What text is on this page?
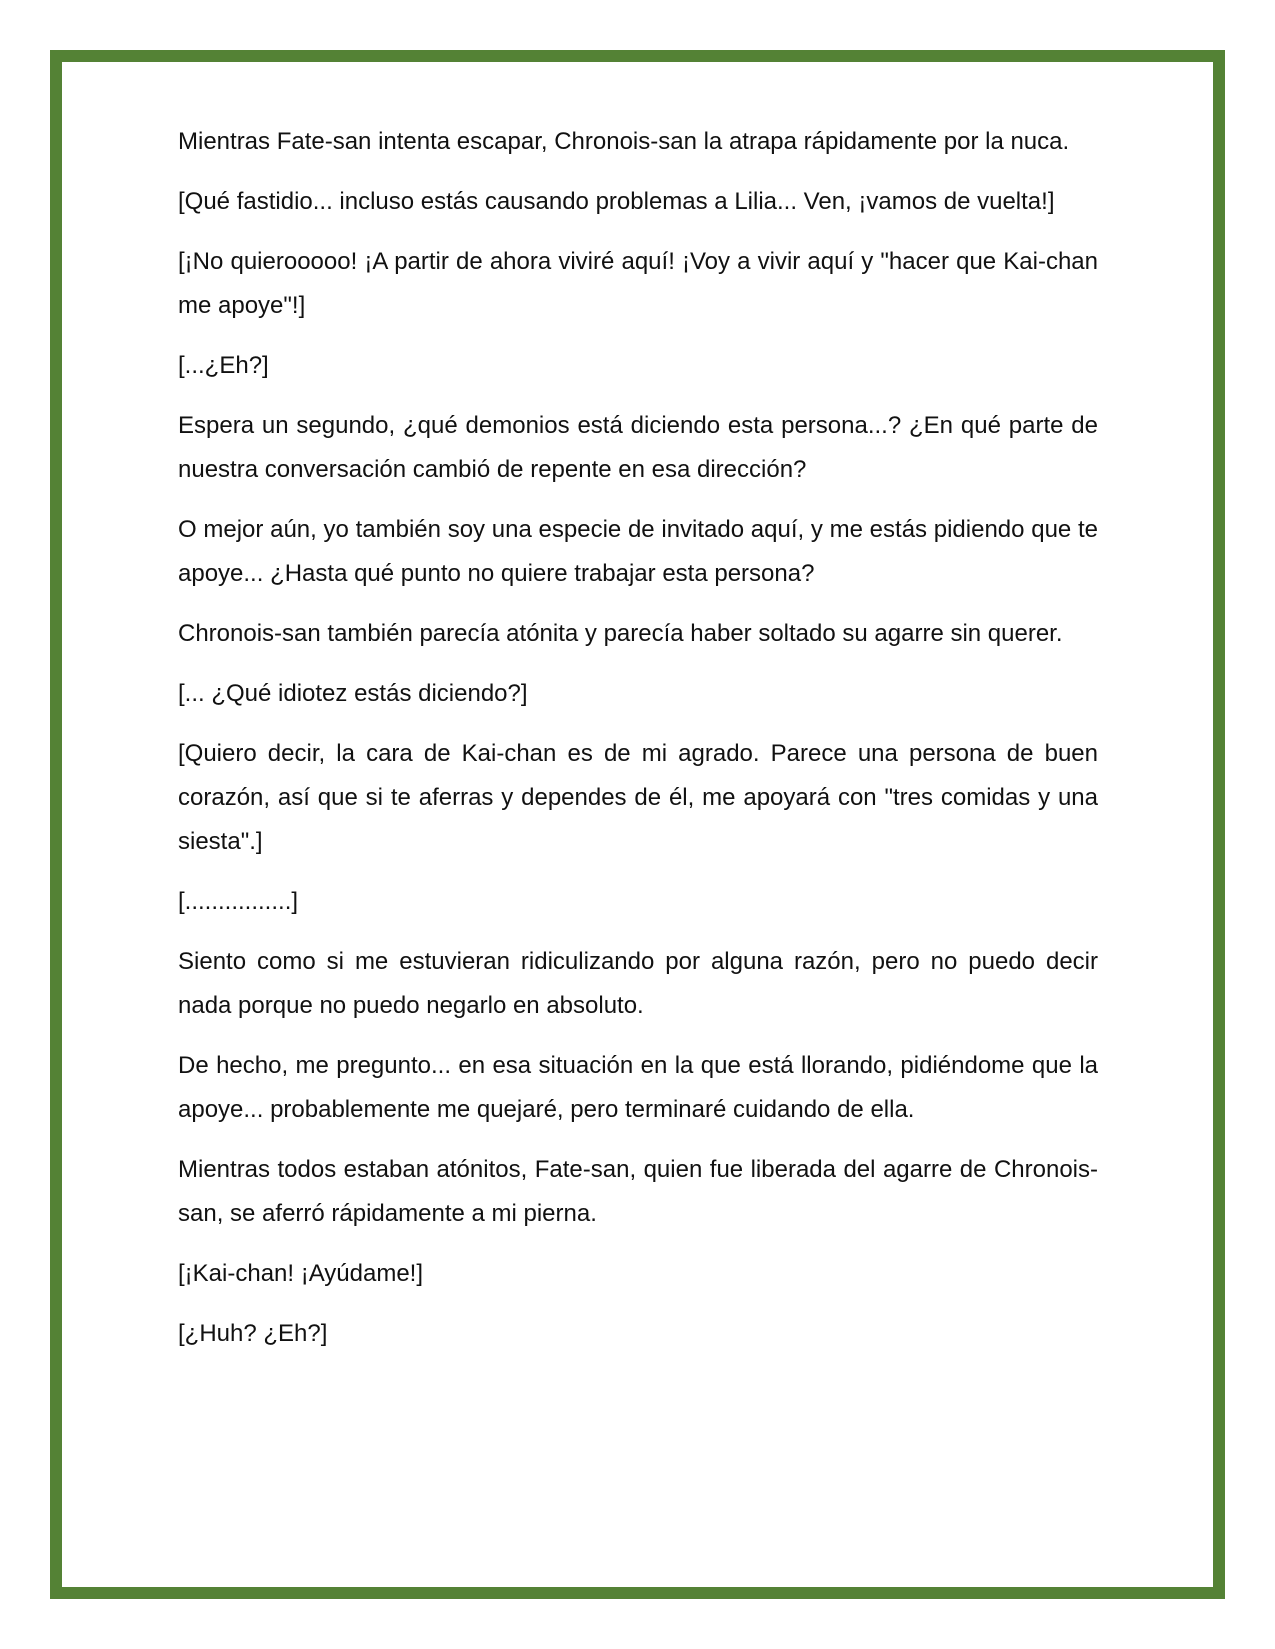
Mientras Fate-san intenta escapar, Chronois-san la atrapa rápidamente por la nuca.

[Qué fastidio... incluso estás causando problemas a Lilia... Ven, ¡vamos de vuelta!]

[¡No quierooooo! ¡A partir de ahora viviré aquí! ¡Voy a vivir aquí y "hacer que Kai-chan me apoye"!]

[...¿Eh?]

Espera un segundo, ¿qué demonios está diciendo esta persona...? ¿En qué parte de nuestra conversación cambió de repente en esa dirección?

O mejor aún, yo también soy una especie de invitado aquí, y me estás pidiendo que te apoye... ¿Hasta qué punto no quiere trabajar esta persona?

Chronois-san también parecía atónita y parecía haber soltado su agarre sin querer.

[... ¿Qué idiotez estás diciendo?]

[Quiero decir, la cara de Kai-chan es de mi agrado. Parece una persona de buen corazón, así que si te aferras y dependes de él, me apoyará con "tres comidas y una siesta".]

[................]

Siento como si me estuvieran ridiculizando por alguna razón, pero no puedo decir nada porque no puedo negarlo en absoluto.

De hecho, me pregunto... en esa situación en la que está llorando, pidiéndome que la apoye... probablemente me quejaré, pero terminaré cuidando de ella.

Mientras todos estaban atónitos, Fate-san, quien fue liberada del agarre de Chronois-san, se aferró rápidamente a mi pierna.

[¡Kai-chan! ¡Ayúdame!]

[¿Huh? ¿Eh?]
